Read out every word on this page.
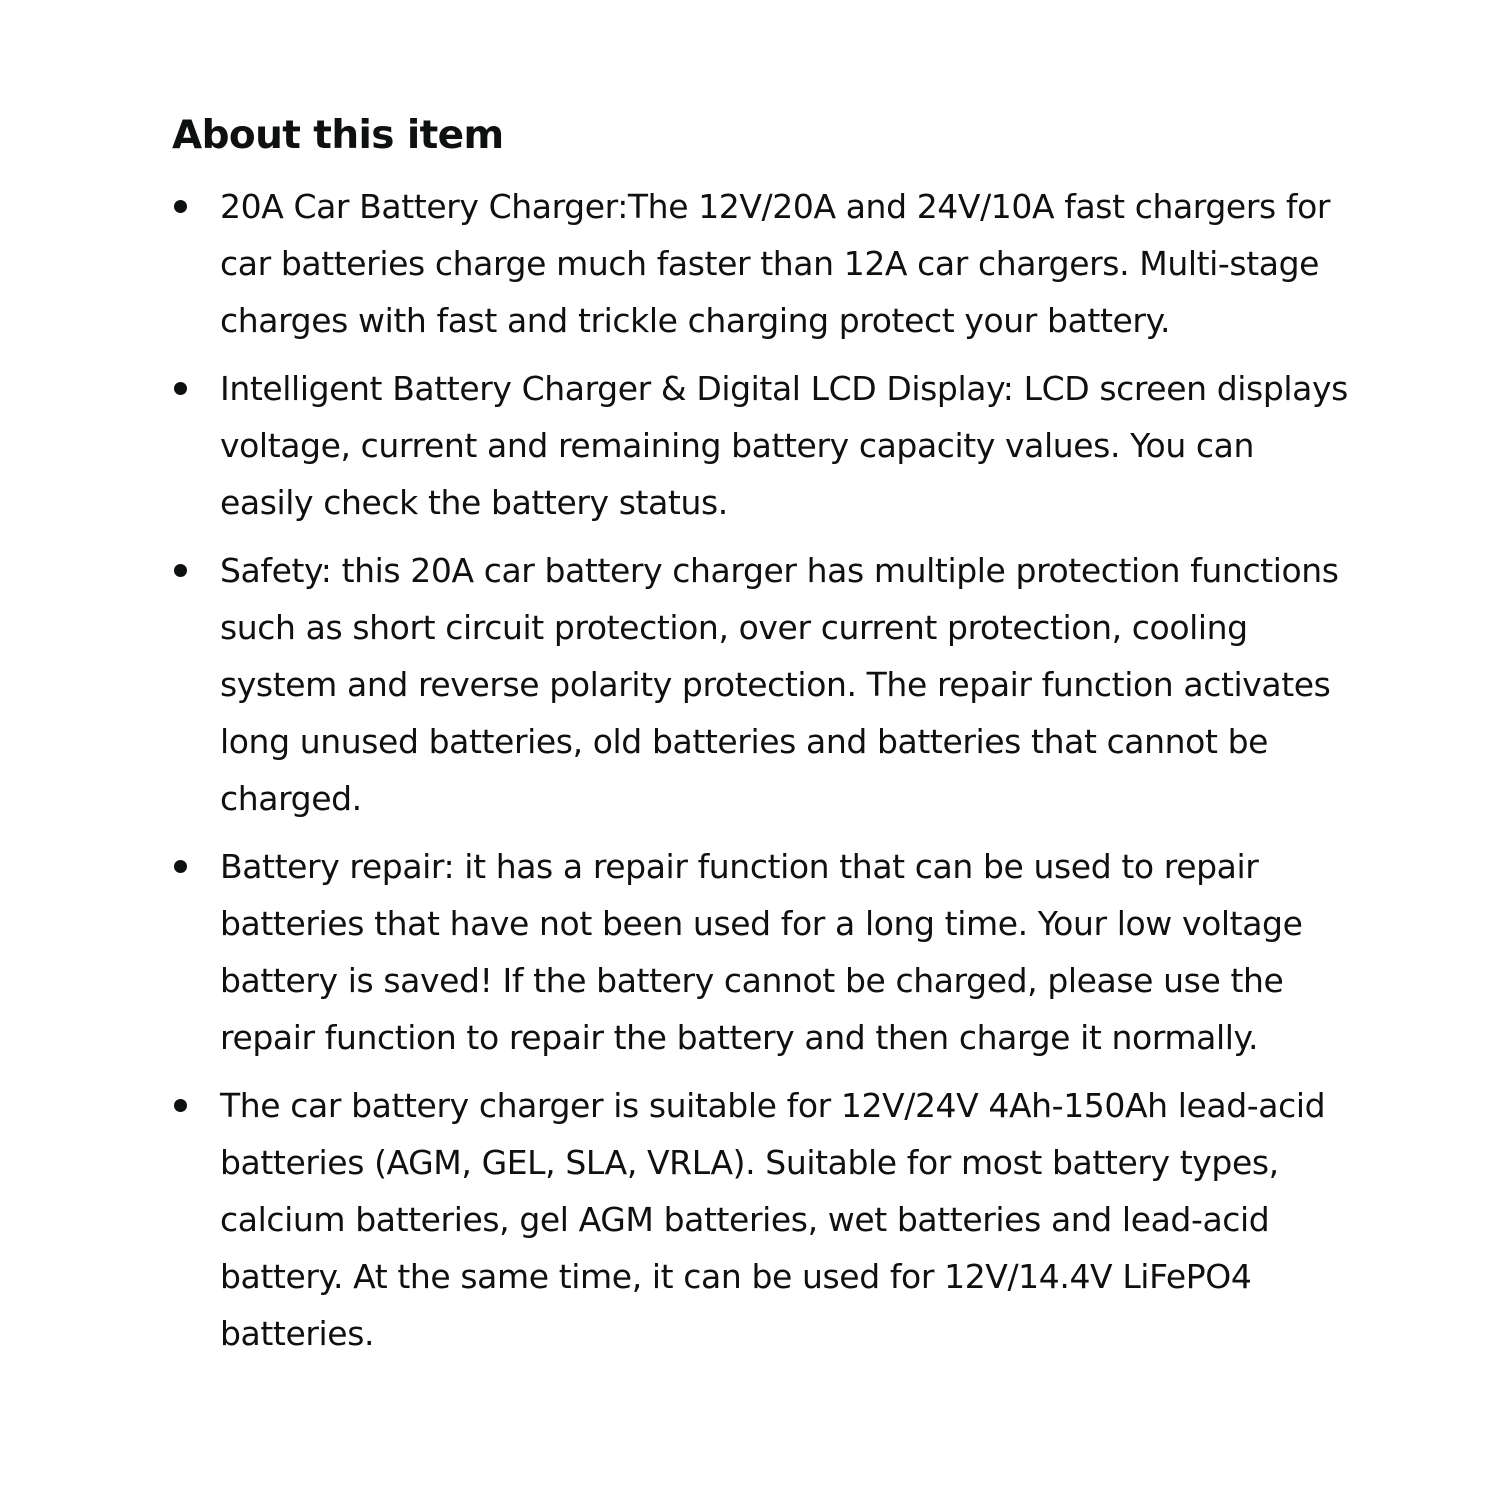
About this item
20A Car Battery Charger:The 12V/20A and 24V/10A fast chargers for car batteries charge much faster than 12A car chargers. Multi-stage charges with fast and trickle charging protect your battery.
Intelligent Battery Charger & Digital LCD Display: LCD screen displays voltage, current and remaining battery capacity values. You can easily check the battery status.
Safety: this 20A car battery charger has multiple protection functions such as short circuit protection, over current protection, cooling system and reverse polarity protection. The repair function activates long unused batteries, old batteries and batteries that cannot be charged.
Battery repair: it has a repair function that can be used to repair batteries that have not been used for a long time. Your low voltage battery is saved! If the battery cannot be charged, please use the repair function to repair the battery and then charge it normally.
The car battery charger is suitable for 12V/24V 4Ah-150Ah lead-acid batteries (AGM, GEL, SLA, VRLA). Suitable for most battery types, calcium batteries, gel AGM batteries, wet batteries and lead-acid battery. At the same time, it can be used for 12V/14.4V LiFePO4 batteries.
